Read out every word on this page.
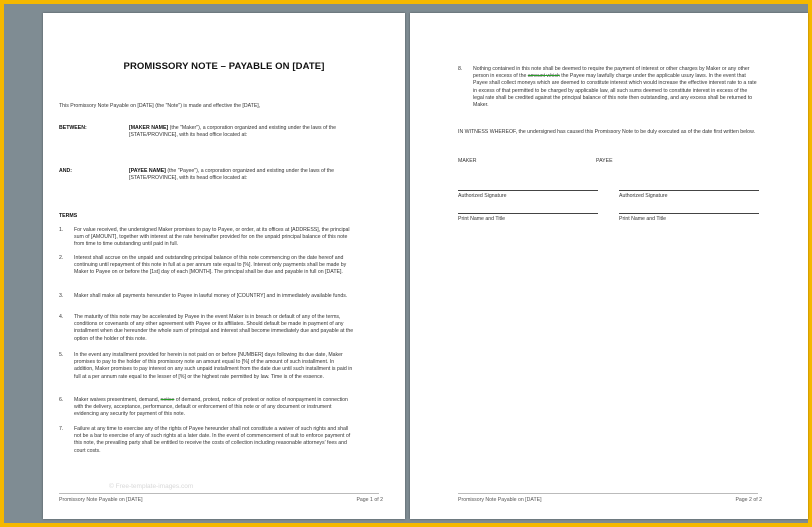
PROMISSORY NOTE – PAYABLE ON [DATE]
This Promissory Note Payable on [DATE] (the "Note") is made and effective the [DATE],
BETWEEN:	[MAKER NAME] (the "Maker"), a corporation organized and existing under the laws of the [STATE/PROVINCE], with its head office located at:
AND:	[PAYEE NAME] (the "Payee"), a corporation organized and existing under the laws of the [STATE/PROVINCE], with its head office located at:
TERMS
1. For value received, the undersigned Maker promises to pay to Payee, or order, at its offices at [ADDRESS], the principal sum of [AMOUNT], together with interest at the rate hereinafter provided for on the unpaid principal balance of this note from time to time outstanding until paid in full.
2. Interest shall accrue on the unpaid and outstanding principal balance of this note commencing on the date hereof and continuing until repayment of this note in full at a per annum rate equal to [%]. Interest only payments shall be made by Maker to Payee on or before the [1st] day of each [MONTH]. The principal shall be due and payable in full on [DATE].
3. Maker shall make all payments hereunder to Payee in lawful money of [COUNTRY] and in immediately available funds.
4. The maturity of this note may be accelerated by Payee in the event Maker is in breach or default of any of the terms, conditions or covenants of any other agreement with Payee or its affiliates. Should default be made in payment of any installment when due hereunder the whole sum of principal and interest shall become immediately due and payable at the option of the holder of this note.
5. In the event any installment provided for herein is not paid on or before [NUMBER] days following its due date, Maker promises to pay to the holder of this promissory note an amount equal to [%] of the amount of such installment. In addition, Maker promises to pay interest on any such unpaid installment from the date due until such installment is paid in full at a per annum rate equal to the lesser of [%] or the highest rate permitted by law. Time is of the essence.
6. Maker waives presentment, demand, notice of demand, protest, notice of protest or notice of nonpayment in connection with the delivery, acceptance, performance, default or enforcement of this note or of any document or instrument evidencing any security for payment of this note.
7. Failure at any time to exercise any of the rights of Payee hereunder shall not constitute a waiver of such rights and shall not be a bar to exercise of any of such rights at a later date. In the event of commencement of suit to enforce payment of this note, the prevailing party shall be entitled to receive the costs of collection including reasonable attorneys' fees and court costs.
© Free-template-images.com
Promissory Note Payable on [DATE]	Page 1 of 2
8. Nothing contained in this note shall be deemed to require the payment of interest or other charges by Maker or any other person in excess of the amount which the Payee may lawfully charge under the applicable usury laws. In the event that Payee shall collect moneys which are deemed to constitute interest which would increase the effective interest rate to a rate in excess of that permitted to be charged by applicable law, all such sums deemed to constitute interest in excess of the legal rate shall be credited against the principal balance of this note then outstanding, and any excess shall be returned to Maker.
IN WITNESS WHEREOF, the undersigned has caused this Promissory Note to be duly executed as of the date first written below.
MAKER	PAYEE
Authorized Signature	Authorized Signature
Print Name and Title	Print Name and Title
Promissory Note Payable on [DATE]	Page 2 of 2
